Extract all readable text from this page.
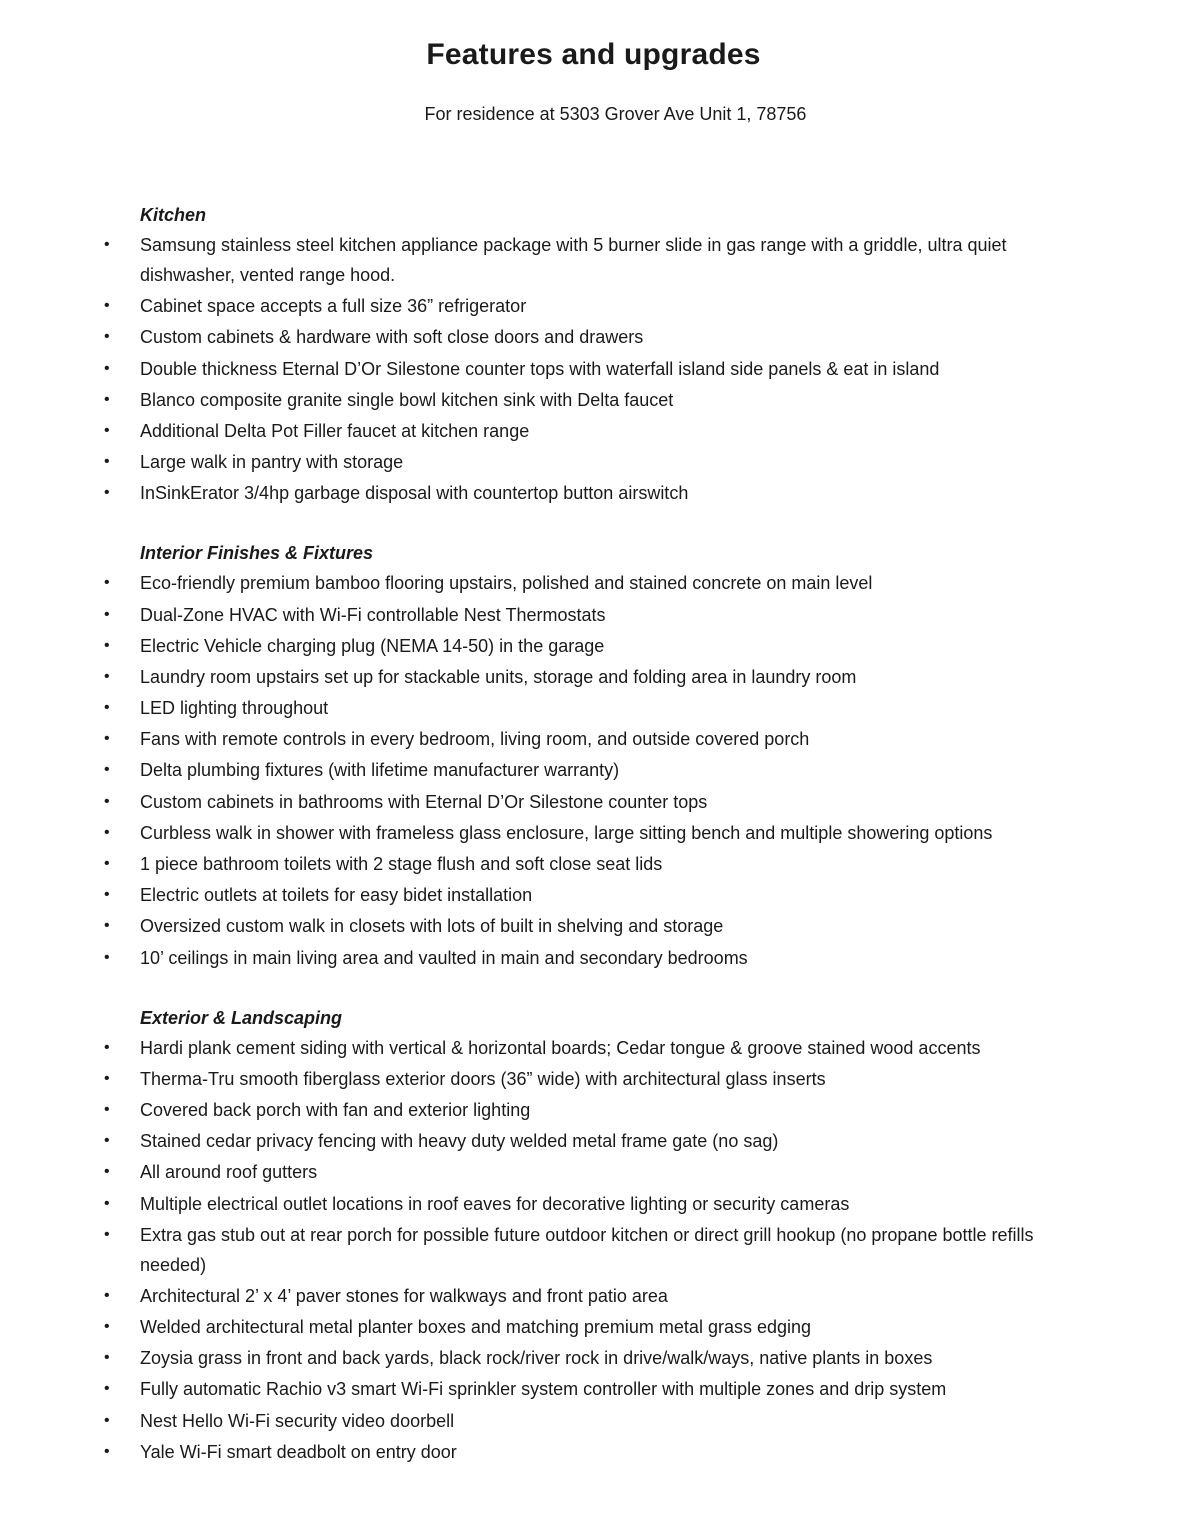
Features and upgrades
For residence at 5303 Grover Ave Unit 1, 78756
Kitchen
• Samsung stainless steel kitchen appliance package with 5 burner slide in gas range with a griddle, ultra quiet dishwasher, vented range hood.
• Cabinet space accepts a full size 36” refrigerator
• Custom cabinets & hardware with soft close doors and drawers
• Double thickness Eternal D’Or Silestone counter tops with waterfall island side panels & eat in island
• Blanco composite granite single bowl kitchen sink with Delta faucet
• Additional Delta Pot Filler faucet at kitchen range
• Large walk in pantry with storage
• InSinkErator 3/4hp garbage disposal with countertop button airswitch
Interior Finishes & Fixtures
• Eco-friendly premium bamboo flooring upstairs, polished and stained concrete on main level
• Dual-Zone HVAC with Wi-Fi controllable Nest Thermostats
• Electric Vehicle charging plug (NEMA 14-50) in the garage
• Laundry room upstairs set up for stackable units, storage and folding area in laundry room
• LED lighting throughout
• Fans with remote controls in every bedroom, living room, and outside covered porch
• Delta plumbing fixtures (with lifetime manufacturer warranty)
• Custom cabinets in bathrooms with Eternal D’Or Silestone counter tops
• Curbless walk in shower with frameless glass enclosure, large sitting bench and multiple showering options
• 1 piece bathroom toilets with 2 stage flush and soft close seat lids
• Electric outlets at toilets for easy bidet installation
• Oversized custom walk in closets with lots of built in shelving and storage
• 10’ ceilings in main living area and vaulted in main and secondary bedrooms
Exterior & Landscaping
• Hardi plank cement siding with vertical & horizontal boards; Cedar tongue & groove stained wood accents
• Therma-Tru smooth fiberglass exterior doors (36” wide) with architectural glass inserts
• Covered back porch with fan and exterior lighting
• Stained cedar privacy fencing with heavy duty welded metal frame gate (no sag)
• All around roof gutters
• Multiple electrical outlet locations in roof eaves for decorative lighting or security cameras
• Extra gas stub out at rear porch for possible future outdoor kitchen or direct grill hookup (no propane bottle refills needed)
• Architectural 2’ x 4’ paver stones for walkways and front patio area
• Welded architectural metal planter boxes and matching premium metal grass edging
• Zoysia grass in front and back yards, black rock/river rock in drive/walk/ways, native plants in boxes
• Fully automatic Rachio v3 smart Wi-Fi sprinkler system controller with multiple zones and drip system
• Nest Hello Wi-Fi security video doorbell
• Yale Wi-Fi smart deadbolt on entry door
